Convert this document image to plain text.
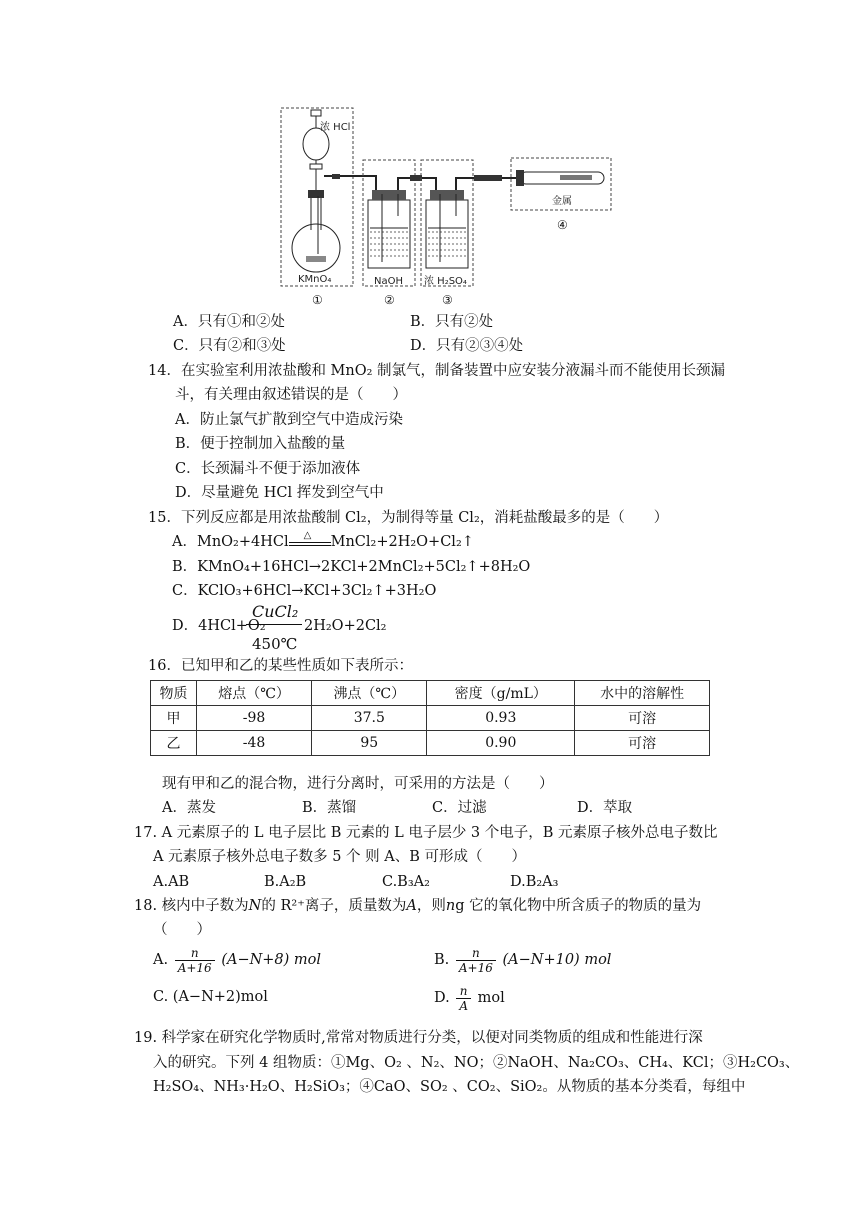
浓 HCl
KMnO₄	NaOH 浓 H₂SO₄
金属
①	②	③
④
A．只有①和②处	B．只有②处
C．只有②和③处	D．只有②③④处
14．在实验室利用浓盐酸和 MnO₂ 制氯气，制备装置中应安装分液漏斗而不能使用长颈漏
斗，有关理由叙述错误的是（　　）
A．防止氯气扩散到空气中造成污染
B．便于控制加入盐酸的量
C．长颈漏斗不便于添加液体
D．尽量避免 HCl 挥发到空气中
15．下列反应都是用浓盐酸制 Cl₂，为制得等量 Cl₂，消耗盐酸最多的是（　　）
A．MnO₂+4HCl △ MnCl₂+2H₂O+Cl₂↑
B．KMnO₄+16HCl→2KCl+2MnCl₂+5Cl₂↑+8H₂O
C．KClO₃+6HCl→KCl+3Cl₂↑+3H₂O
CuCl₂
D．4HCl+O₂	2H₂O+2Cl₂
450℃
16．已知甲和乙的某些性质如下表所示：
物质	熔点（℃）	沸点（℃）	密度（g/mL）	水中的溶解性
甲	-98	37.5	0.93	可溶
乙	-48	95	0.90	可溶
现有甲和乙的混合物，进行分离时，可采用的方法是（　　）
A．蒸发	B．蒸馏	C．过滤	D．萃取
17. A 元素原子的 L 电子层比 B 元素的 L 电子层少 3 个电子，B 元素原子核外总电子数比
A 元素原子核外总电子数多 5 个 则 A、B 可形成（　　）
A.AB	B.A₂B	C.B₃A₂	D.B₂A₃
18. 核内中子数为N的 R²⁺离子，质量数为A，则ng 它的氧化物中所含质子的物质的量为
（　　）
A. $\frac{n}{A+16} (A-N+8)$ mol	B. $\frac{n}{A+16} (A-N+10)$ mol
C. (A−N+2)mol	D. $\frac{n}{A}$ mol
19. 科学家在研究化学物质时,常常对物质进行分类，以便对同类物质的组成和性能进行深
入的研究。下列 4 组物质：①Mg、O₂ 、N₂、NO；②NaOH、Na₂CO₃、CH₄、KCl；③H₂CO₃、
H₂SO₄、NH₃·H₂O、H₂SiO₃；④CaO、SO₂ 、CO₂、SiO₂。从物质的基本分类看，每组中
